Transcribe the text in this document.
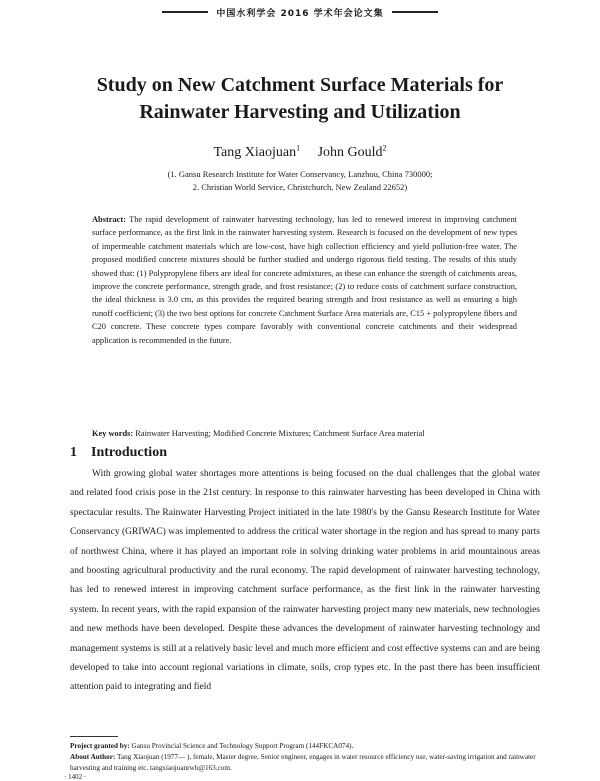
中国水利学会 2016 学术年会论文集
Study on New Catchment Surface Materials for
Rainwater Harvesting and Utilization
Tang Xiaojuan$^1$ John Gould$^2$
(1. Gansu Research Institute for Water Conservancy, Lanzhou, China 730000;
2. Christian World Service, Christchurch, New Zealand 22652)
Abstract: The rapid development of rainwater harvesting technology, has led to renewed interest in improving catchment surface performance, as the first link in the rainwater harvesting system. Research is focused on the development of new types of impermeable catchment materials which are low-cost, have high collection efficiency and yield pollution-free water. The proposed modified concrete mixtures should be further studied and undergo rigorous field testing. The results of this study showed that: (1) Polypropylene fibers are ideal for concrete admixtures, as these can enhance the strength of catchments areas, improve the concrete performance, strength grade, and frost resistance; (2) to reduce costs of catchment surface construction, the ideal thickness is 3.0 cm, as this provides the required bearing strength and frost resistance as well as ensuring a high runoff coefficient; (3) the two best options for concrete Catchment Surface Area materials are, C15 + polypropylene fibers and C20 concrete. These concrete types compare favorably with conventional concrete catchments and their widespread application is recommended in the future.
Key words: Rainwater Harvesting; Modified Concrete Mixtures; Catchment Surface Area material
1 Introduction
With growing global water shortages more attentions is being focused on the dual challenges that the global water and related food crisis pose in the 21st century. In response to this rainwater harvesting has been developed in China with spectacular results. The Rainwater Harvesting Project initiated in the late 1980's by the Gansu Research Institute for Water Conservancy (GRIWAC) was implemented to address the critical water shortage in the region and has spread to many parts of northwest China, where it has played an important role in solving drinking water problems in arid mountainous areas and boosting agricultural productivity and the rural economy. The rapid development of rainwater harvesting technology, has led to renewed interest in improving catchment surface performance, as the first link in the rainwater harvesting system. In recent years, with the rapid expansion of the rainwater harvesting project many new materials, new technologies and new methods have been developed. Despite these advances the development of rainwater harvesting technology and management systems is still at a relatively basic level and much more efficient and cost effective systems can and are being developed to take into account regional variations in climate, soils, crop types etc. In the past there has been insufficient attention paid to integrating and field
Project granted by: Gansu Provincial Science and Technology Support Program (144FKCA074).
About Author: Tang Xiaojuan (1977— ), female, Master degree, Senior engineer, engages in water resource efficiency use, water-saving irrigation and rainwater harvesting and training etc. tangxiaojuanrwh@163.com.
· 1402 ·
